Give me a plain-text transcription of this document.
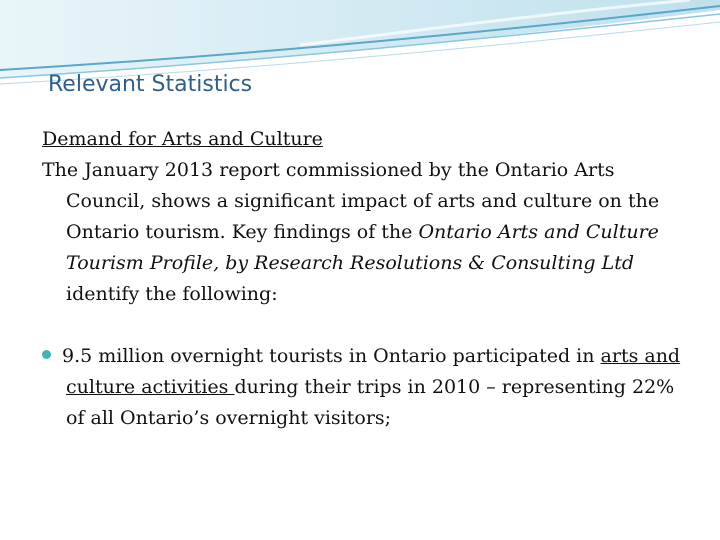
Relevant Statistics

Demand for Arts and Culture

The January 2013 report commissioned by the Ontario Arts Council, shows a significant impact of arts and culture on the Ontario tourism. Key findings of the Ontario Arts and Culture Tourism Profile, by Research Resolutions & Consulting Ltd identify the following:

9.5 million overnight tourists in Ontario participated in arts and culture activities during their trips in 2010 – representing 22% of all Ontario’s overnight visitors;
